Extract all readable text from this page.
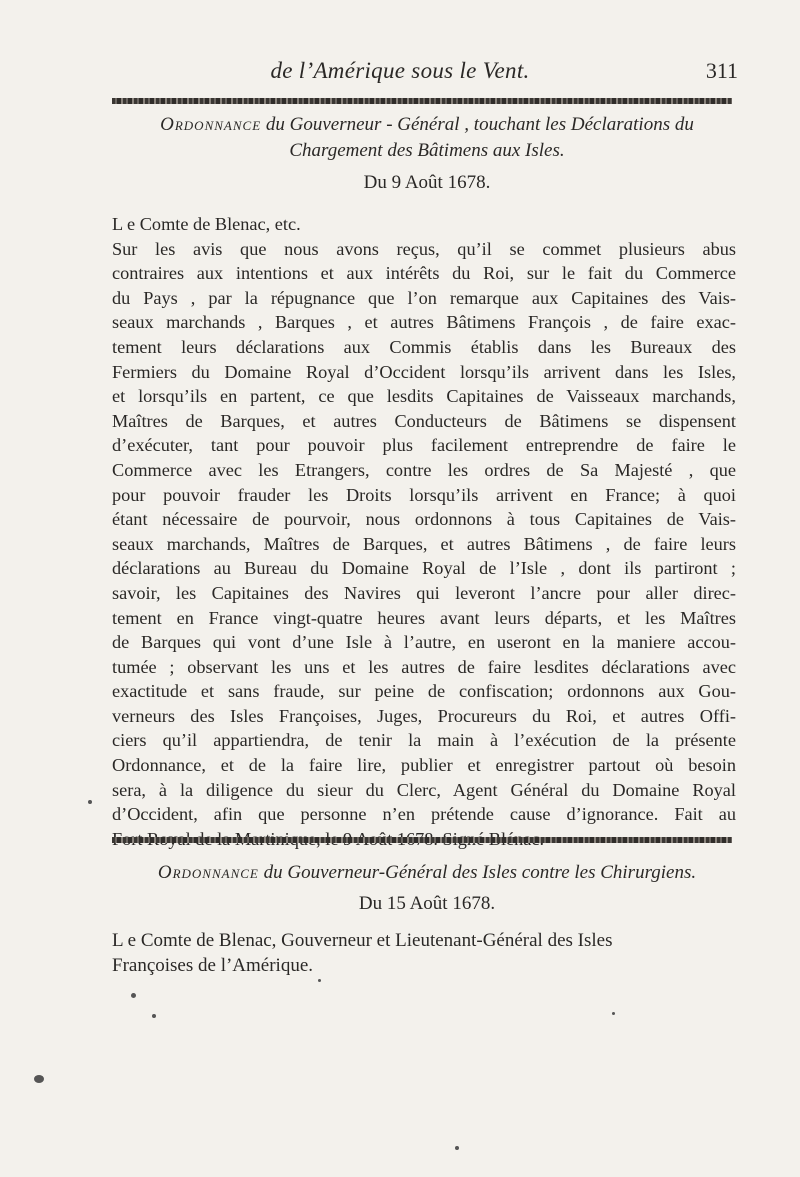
de l’Amérique sous le Vent.	311
Ordonnance du Gouverneur - Général , touchant les Déclarations du Chargement des Bâtimens aux Isles.
Du 9 Août 1678.
L e Comte de Blenac, etc.
Sur les avis que nous avons reçus, qu’il se commet plusieurs abus
contraires aux intentions et aux intérêts du Roi, sur le fait du Commerce
du Pays , par la répugnance que l’on remarque aux Capitaines des Vais-
seaux marchands , Barques , et autres Bâtimens François , de faire exac-
tement leurs déclarations aux Commis établis dans les Bureaux des
Fermiers du Domaine Royal d’Occident lorsqu’ils arrivent dans les Isles,
et lorsqu’ils en partent, ce que lesdits Capitaines de Vaisseaux marchands,
Maîtres de Barques, et autres Conducteurs de Bâtimens se dispensent
d’exécuter, tant pour pouvoir plus facilement entreprendre de faire le
Commerce avec les Etrangers, contre les ordres de Sa Majesté , que
pour pouvoir frauder les Droits lorsqu’ils arrivent en France; à quoi
étant nécessaire de pourvoir, nous ordonnons à tous Capitaines de Vais-
seaux marchands, Maîtres de Barques, et autres Bâtimens , de faire leurs
déclarations au Bureau du Domaine Royal de l’Isle , dont ils partiront ;
savoir, les Capitaines des Navires qui leveront l’ancre pour aller direc-
tement en France vingt-quatre heures avant leurs départs, et les Maîtres
de Barques qui vont d’une Isle à l’autre, en useront en la maniere accou-
tumée ; observant les uns et les autres de faire lesdites déclarations avec
exactitude et sans fraude, sur peine de confiscation; ordonnons aux Gou-
verneurs des Isles Françoises, Juges, Procureurs du Roi, et autres Offi-
ciers qu’il appartiendra, de tenir la main à l’exécution de la présente
Ordonnance, et de la faire lire, publier et enregistrer partout où besoin
sera, à la diligence du sieur du Clerc, Agent Général du Domaine Royal
d’Occident, afin que personne n’en prétende cause d’ignorance. Fait au
Ordonnance du Gouverneur-Général des Isles contre les Chirurgiens.
Du 15 Août 1678.
L e Comte de Blenac, Gouverneur et Lieutenant-Général des Isles
Françoises de l’Amérique.
